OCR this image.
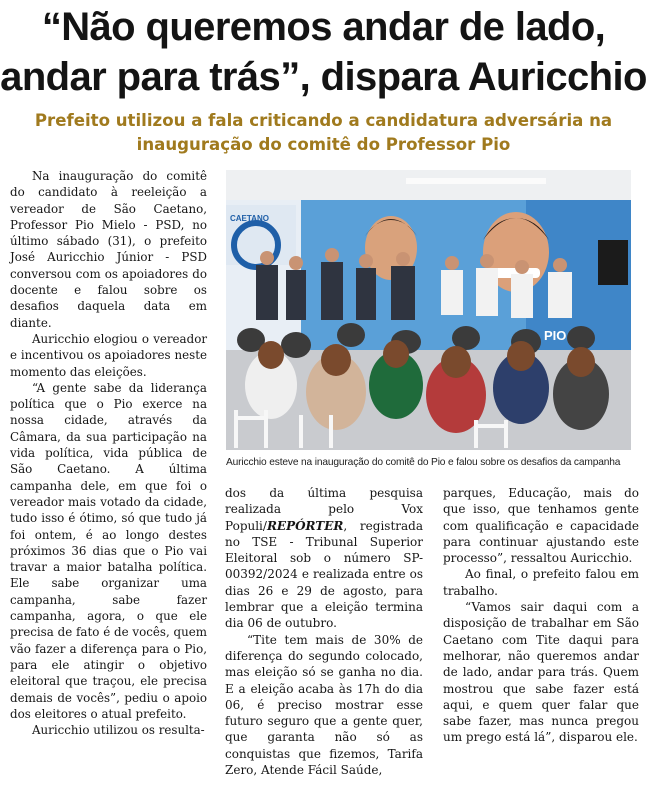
“Não queremos andar de lado, andar para trás”, dispara Auricchio
Prefeito utilizou a fala criticando a candidatura adversária na inauguração do comitê do Professor Pio

Na inauguração do comitê do candidato à reeleição a vereador de São Caetano, Professor Pio Mielo - PSD, no último sábado (31), o prefeito José Auricchio Júnior - PSD conversou com os apoiadores do docente e falou sobre os desafios daquela data em diante.

Auricchio elogiou o vereador e incentivou os apoiadores neste momento das eleições.

“A gente sabe da liderança política que o Pio exerce na nossa cidade, através da Câmara, da sua participação na vida política, vida pública de São Caetano. A última campanha dele, em que foi o vereador mais votado da cidade, tudo isso é ótimo, só que tudo já foi ontem, é ao longo destes próximos 36 dias que o Pio vai travar a maior batalha política. Ele sabe organizar uma campanha, sabe fazer campanha, agora, o que ele precisa de fato é de vocês, quem vão fazer a diferença para o Pio, para ele atingir o objetivo eleitoral que traçou, ele precisa demais de vocês”, pediu o apoio dos eleitores o atual prefeito.

Auricchio utilizou os resulta-

CAETANO
PIO

Auricchio esteve na inauguração do comitê do Pio e falou sobre os desafios da campanha

dos da última pesquisa realizada pelo Vox Populi/REPÓRTER, registrada no TSE - Tribunal Superior Eleitoral sob o número SP-00392/2024 e realizada entre os dias 26 e 29 de agosto, para lembrar que a eleição termina dia 06 de outubro.

“Tite tem mais de 30% de diferença do segundo colocado, mas eleição só se ganha no dia. E a eleição acaba às 17h do dia 06, é preciso mostrar esse futuro seguro que a gente quer, que garanta não só as conquistas que fizemos, Tarifa Zero, Atende Fácil Saúde,

parques, Educação, mais do que isso, que tenhamos gente com qualificação e capacidade para continuar ajustando este processo”, ressaltou Auricchio.

Ao final, o prefeito falou em trabalho.

“Vamos sair daqui com a disposição de trabalhar em São Caetano com Tite daqui para melhorar, não queremos andar de lado, andar para trás. Quem mostrou que sabe fazer está aqui, e quem quer falar que sabe fazer, mas nunca pregou um prego está lá”, disparou ele.
